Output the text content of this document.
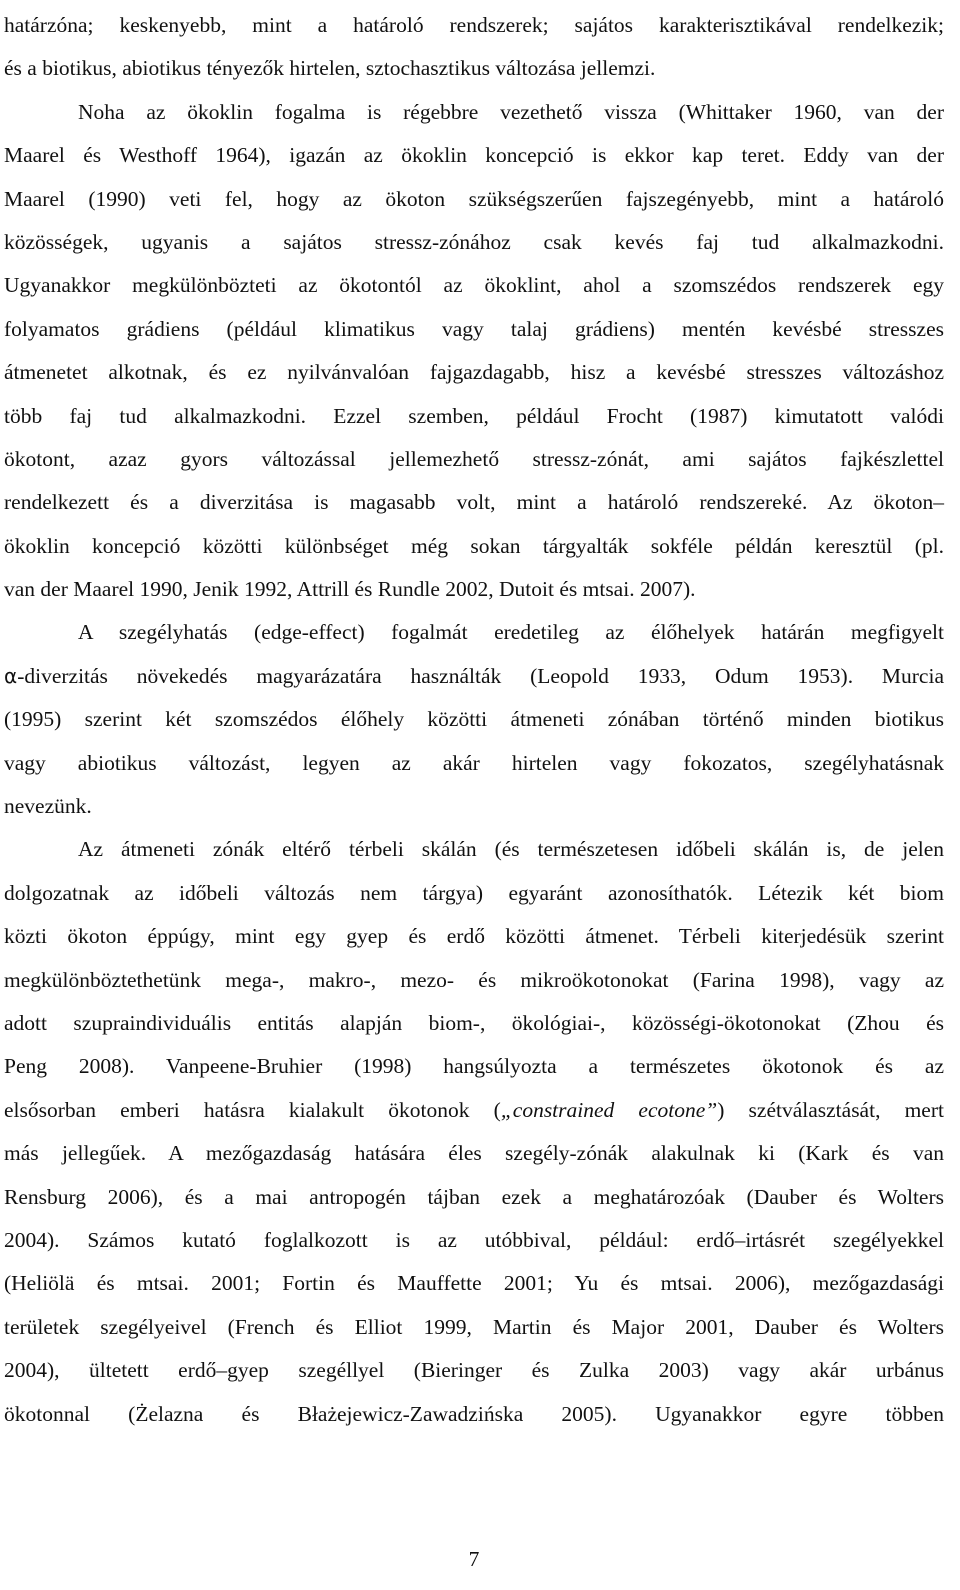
határzóna; keskenyebb, mint a határoló rendszerek; sajátos karakterisztikával rendelkezik;
és a biotikus, abiotikus tényezők hirtelen, sztochasztikus változása jellemzi.
Noha az ökoklin fogalma is régebbre vezethető vissza (Whittaker 1960, van der
Maarel és Westhoff 1964), igazán az ökoklin koncepció is ekkor kap teret. Eddy van der
Maarel (1990) veti fel, hogy az ökoton szükségszerűen fajszegényebb, mint a határoló
közösségek, ugyanis a sajátos stressz-zónához csak kevés faj tud alkalmazkodni.
Ugyanakkor megkülönbözteti az ökotontól az ökoklint, ahol a szomszédos rendszerek egy
folyamatos grádiens (például klimatikus vagy talaj grádiens) mentén kevésbé stresszes
átmenetet alkotnak, és ez nyilvánvalóan fajgazdagabb, hisz a kevésbé stresszes változáshoz
több faj tud alkalmazkodni. Ezzel szemben, például Frocht (1987) kimutatott valódi
ökotont, azaz gyors változással jellemezhető stressz-zónát, ami sajátos fajkészlettel
rendelkezett és a diverzitása is magasabb volt, mint a határoló rendszereké. Az ökoton–
ökoklin koncepció közötti különbséget még sokan tárgyalták sokféle példán keresztül (pl.
van der Maarel 1990, Jenik 1992, Attrill és Rundle 2002, Dutoit és mtsai. 2007).
A szegélyhatás (edge-effect) fogalmát eredetileg az élőhelyek határán megfigyelt
α-diverzitás növekedés magyarázatára használták (Leopold 1933, Odum 1953). Murcia
(1995) szerint két szomszédos élőhely közötti átmeneti zónában történő minden biotikus
vagy abiotikus változást, legyen az akár hirtelen vagy fokozatos, szegélyhatásnak
nevezünk.
Az átmeneti zónák eltérő térbeli skálán (és természetesen időbeli skálán is, de jelen
dolgozatnak az időbeli változás nem tárgya) egyaránt azonosíthatók. Létezik két biom
közti ökoton éppúgy, mint egy gyep és erdő közötti átmenet. Térbeli kiterjedésük szerint
megkülönböztethetünk mega-, makro-, mezo- és mikroökotonokat (Farina 1998), vagy az
adott szupraindividuális entitás alapján biom-, ökológiai-, közösségi-ökotonokat (Zhou és
Peng 2008). Vanpeene-Bruhier (1998) hangsúlyozta a természetes ökotonok és az
elsősorban emberi hatásra kialakult ökotonok („constrained ecotone”) szétválasztását, mert
más jellegűek. A mezőgazdaság hatására éles szegély-zónák alakulnak ki (Kark és van
Rensburg 2006), és a mai antropogén tájban ezek a meghatározóak (Dauber és Wolters
2004). Számos kutató foglalkozott is az utóbbival, például: erdő–irtásrét szegélyekkel
(Heliölä és mtsai. 2001; Fortin és Mauffette 2001; Yu és mtsai. 2006), mezőgazdasági
területek szegélyeivel (French és Elliot 1999, Martin és Major 2001, Dauber és Wolters
2004), ültetett erdő–gyep szegéllyel (Bieringer és Zulka 2003) vagy akár urbánus
ökotonnal (Żelazna és Błażejewicz-Zawadzińska 2005). Ugyanakkor egyre többen
7
